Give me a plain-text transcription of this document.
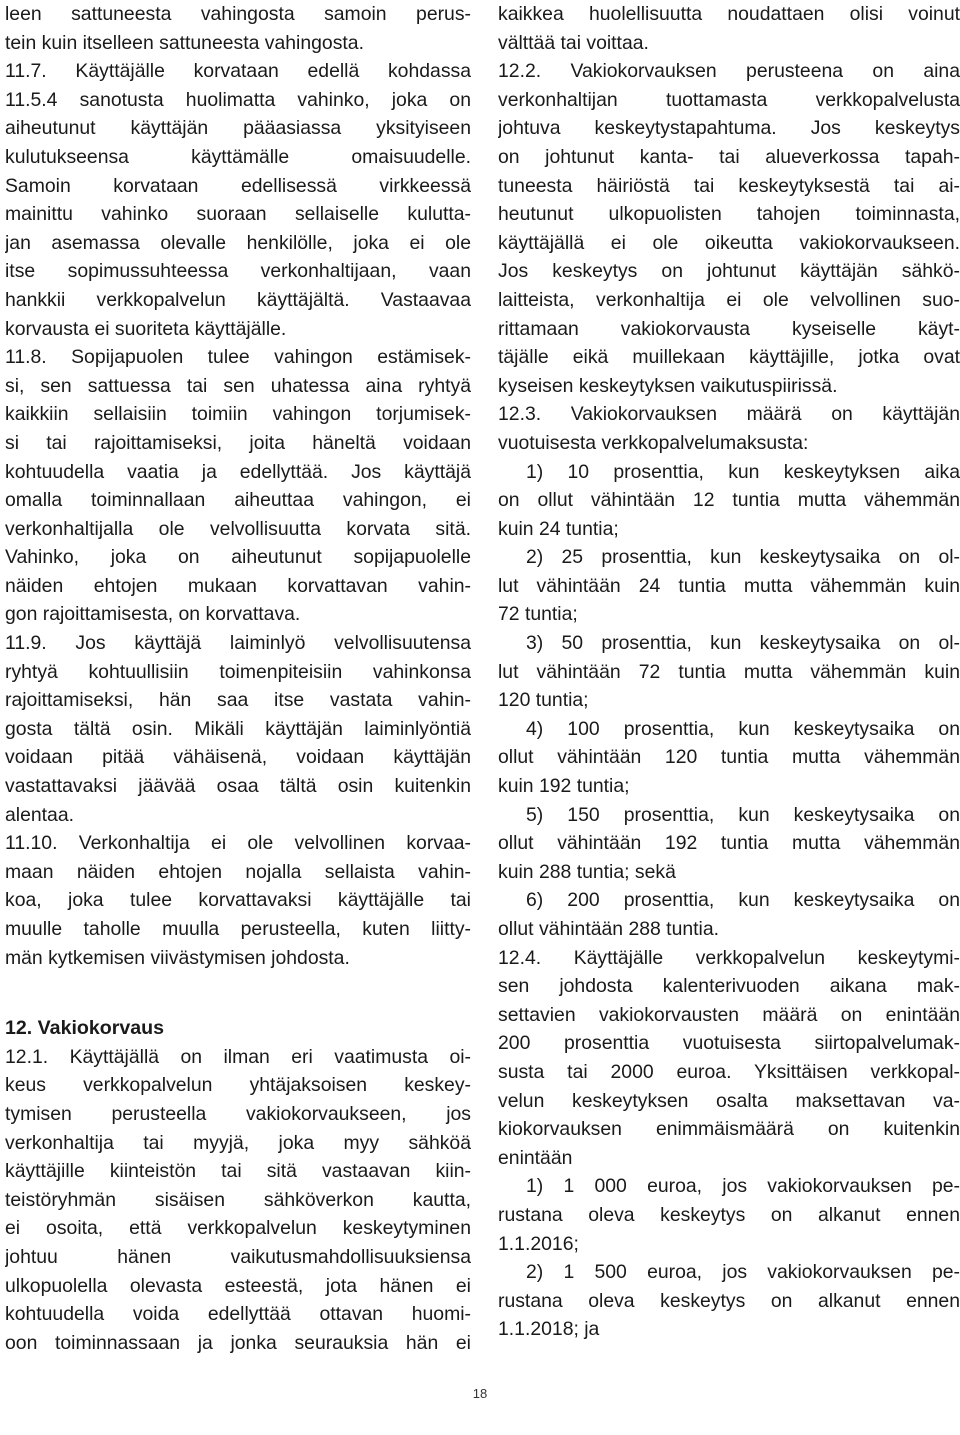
leen sattuneesta vahingosta samoin perus-
tein kuin itselleen sattuneesta vahingosta.
11.7. Käyttäjälle korvataan edellä kohdassa
11.5.4 sanotusta huolimatta vahinko, joka on
aiheutunut käyttäjän pääasiassa yksityiseen
kulutukseensa käyttämälle omaisuudelle.
Samoin korvataan edellisessä virkkeessä
mainittu vahinko suoraan sellaiselle kulutta-
jan asemassa olevalle henkilölle, joka ei ole
itse sopimussuhteessa verkonhaltijaan, vaan
hankkii verkkopalvelun käyttäjältä. Vastaavaa
korvausta ei suoriteta käyttäjälle.
11.8. Sopijapuolen tulee vahingon estämisek-
si, sen sattuessa tai sen uhatessa aina ryhtyä
kaikkiin sellaisiin toimiin vahingon torjumisek-
si tai rajoittamiseksi, joita häneltä voidaan
kohtuudella vaatia ja edellyttää. Jos käyttäjä
omalla toiminnallaan aiheuttaa vahingon, ei
verkonhaltijalla ole velvollisuutta korvata sitä.
Vahinko, joka on aiheutunut sopijapuolelle
näiden ehtojen mukaan korvattavan vahin-
gon rajoittamisesta, on korvattava.
11.9. Jos käyttäjä laiminlyö velvollisuutensa
ryhtyä kohtuullisiin toimenpiteisiin vahinkonsa
rajoittamiseksi, hän saa itse vastata vahin-
gosta tältä osin. Mikäli käyttäjän laiminlyöntiä
voidaan pitää vähäisenä, voidaan käyttäjän
vastattavaksi jäävää osaa tältä osin kuitenkin
alentaa.
11.10. Verkonhaltija ei ole velvollinen korvaa-
maan näiden ehtojen nojalla sellaista vahin-
koa, joka tulee korvattavaksi käyttäjälle tai
muulle taholle muulla perusteella, kuten liitty-
män kytkemisen viivästymisen johdosta.
12. Vakiokorvaus
12.1. Käyttäjällä on ilman eri vaatimusta oi-
keus verkkopalvelun yhtäjaksoisen keskey-
tymisen perusteella vakiokorvaukseen, jos
verkonhaltija tai myyjä, joka myy sähköä
käyttäjille kiinteistön tai sitä vastaavan kiin-
teistöryhmän sisäisen sähköverkon kautta,
ei osoita, että verkkopalvelun keskeytyminen
johtuu hänen vaikutusmahdollisuuksiensa
ulkopuolella olevasta esteestä, jota hänen ei
kohtuudella voida edellyttää ottavan huomi-
oon toiminnassaan ja jonka seurauksia hän ei
kaikkea huolellisuutta noudattaen olisi voinut
välttää tai voittaa.
12.2. Vakiokorvauksen perusteena on aina
verkonhaltijan tuottamasta verkkopalvelusta
johtuva keskeytystapahtuma. Jos keskeytys
on johtunut kanta- tai alueverkossa tapah-
tuneesta häiriöstä tai keskeytyksestä tai ai-
heutunut ulkopuolisten tahojen toiminnasta,
käyttäjällä ei ole oikeutta vakiokorvaukseen.
Jos keskeytys on johtunut käyttäjän sähkö-
laitteista, verkonhaltija ei ole velvollinen suo-
rittamaan vakiokorvausta kyseiselle käyt-
täjälle eikä muillekaan käyttäjille, jotka ovat
kyseisen keskeytyksen vaikutuspiirissä.
12.3. Vakiokorvauksen määrä on käyttäjän
vuotuisesta verkkopalvelumaksusta:
1) 10 prosenttia, kun keskeytyksen aika
on ollut vähintään 12 tuntia mutta vähemmän
kuin 24 tuntia;
2) 25 prosenttia, kun keskeytysaika on ol-
lut vähintään 24 tuntia mutta vähemmän kuin
72 tuntia;
3) 50 prosenttia, kun keskeytysaika on ol-
lut vähintään 72 tuntia mutta vähemmän kuin
120 tuntia;
4) 100 prosenttia, kun keskeytysaika on
ollut vähintään 120 tuntia mutta vähemmän
kuin 192 tuntia;
5) 150 prosenttia, kun keskeytysaika on
ollut vähintään 192 tuntia mutta vähemmän
kuin 288 tuntia; sekä
6) 200 prosenttia, kun keskeytysaika on
ollut vähintään 288 tuntia.
12.4. Käyttäjälle verkkopalvelun keskeytymi-
sen johdosta kalenterivuoden aikana mak-
settavien vakiokorvausten määrä on enintään
200 prosenttia vuotuisesta siirtopalvelumak-
susta tai 2000 euroa. Yksittäisen verkkopal-
velun keskeytyksen osalta maksettavan va-
kiokorvauksen enimmäismäärä on kuitenkin
enintään
1) 1 000 euroa, jos vakiokorvauksen pe-
rustana oleva keskeytys on alkanut ennen
1.1.2016;
2) 1 500 euroa, jos vakiokorvauksen pe-
rustana oleva keskeytys on alkanut ennen
1.1.2018; ja
18
